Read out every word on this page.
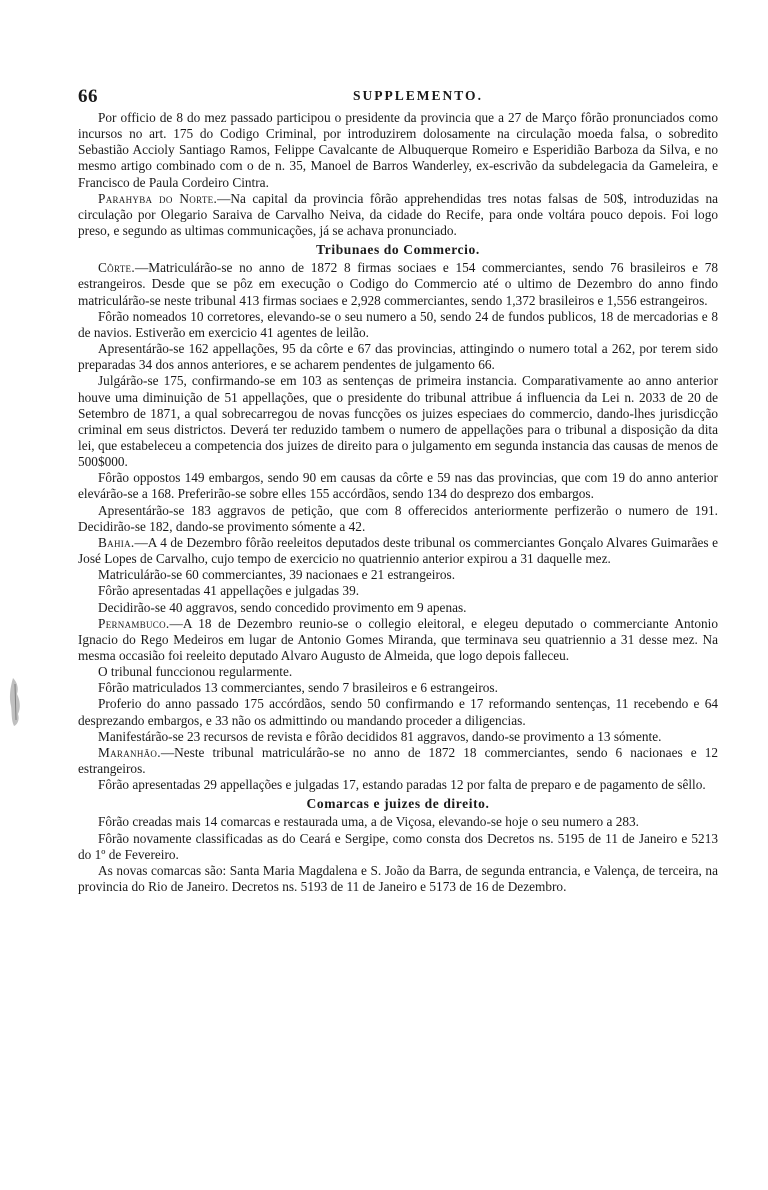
66	SUPPLEMENTO.

Por officio de 8 do mez passado participou o presidente da provincia que a 27 de Março fôrão pronunciados como incursos no art. 175 do Codigo Criminal, por introduzirem dolosamente na circulação moeda falsa, o sobredito Sebastião Accioly Santiago Ramos, Felippe Cavalcante de Albuquerque Romeiro e Esperidião Barboza da Silva, e no mesmo artigo combinado com o de n. 35, Manoel de Barros Wanderley, ex-escrivão da subdelegacia da Gameleira, e Francisco de Paula Cordeiro Cintra.

Parahyba do Norte.—Na capital da provincia fôrão apprehendidas tres notas falsas de 50$, introduzidas na circulação por Olegario Saraiva de Carvalho Neiva, da cidade do Recife, para onde voltára pouco depois. Foi logo preso, e segundo as ultimas communicações, já se achava pronunciado.

Tribunaes do Commercio.

Côrte.—Matriculárão-se no anno de 1872 8 firmas sociaes e 154 commerciantes, sendo 76 brasileiros e 78 estrangeiros. Desde que se pôz em execução o Codigo do Commercio até o ultimo de Dezembro do anno findo matriculárão-se neste tribunal 413 firmas sociaes e 2,928 commerciantes, sendo 1,372 brasileiros e 1,556 estrangeiros.

Fôrão nomeados 10 corretores, elevando-se o seu numero a 50, sendo 24 de fundos publicos, 18 de mercadorias e 8 de navios. Estiverão em exercicio 41 agentes de leilão.

Apresentárão-se 162 appellações, 95 da côrte e 67 das provincias, attingindo o numero total a 262, por terem sido preparadas 34 dos annos anteriores, e se acharem pendentes de julgamento 66.

Julgárão-se 175, confirmando-se em 103 as sentenças de primeira instancia. Comparativamente ao anno anterior houve uma diminuição de 51 appellações, que o presidente do tribunal attribue á influencia da Lei n. 2033 de 20 de Setembro de 1871, a qual sobrecarregou de novas funcções os juizes especiaes do commercio, dando-lhes jurisdicção criminal em seus districtos. Deverá ter reduzido tambem o numero de appellações para o tribunal a disposição da dita lei, que estabeleceu a competencia dos juizes de direito para o julgamento em segunda instancia das causas de menos de 500$000.

Fôrão oppostos 149 embargos, sendo 90 em causas da côrte e 59 nas das provincias, que com 19 do anno anterior elevárão-se a 168. Preferirão-se sobre elles 155 accórdãos, sendo 134 do desprezo dos embargos.

Apresentárão-se 183 aggravos de petição, que com 8 offerecidos anteriormente perfizerão o numero de 191. Decidirão-se 182, dando-se provimento sómente a 42.

Bahia.—A 4 de Dezembro fôrão reeleitos deputados deste tribunal os commerciantes Gonçalo Alvares Guimarães e José Lopes de Carvalho, cujo tempo de exercicio no quatriennio anterior expirou a 31 daquelle mez.

Matriculárão-se 60 commerciantes, 39 nacionaes e 21 estrangeiros.

Fôrão apresentadas 41 appellações e julgadas 39.

Decidirão-se 40 aggravos, sendo concedido provimento em 9 apenas.

Pernambuco.—A 18 de Dezembro reunio-se o collegio eleitoral, e elegeu deputado o commerciante Antonio Ignacio do Rego Medeiros em lugar de Antonio Gomes Miranda, que terminava seu quatriennio a 31 desse mez. Na mesma occasião foi reeleito deputado Alvaro Augusto de Almeida, que logo depois falleceu.

O tribunal funccionou regularmente.

Fôrão matriculados 13 commerciantes, sendo 7 brasileiros e 6 estrangeiros.

Proferio do anno passado 175 accórdãos, sendo 50 confirmando e 17 reformando sentenças, 11 recebendo e 64 desprezando embargos, e 33 não os admittindo ou mandando proceder a diligencias.

Manifestárão-se 23 recursos de revista e fôrão decididos 81 aggravos, dando-se provimento a 13 sómente.

Maranhão.—Neste tribunal matriculárão-se no anno de 1872 18 commerciantes, sendo 6 nacionaes e 12 estrangeiros.

Fôrão apresentadas 29 appellações e julgadas 17, estando paradas 12 por falta de preparo e de pagamento de sêllo.

Comarcas e juizes de direito.

Fôrão creadas mais 14 comarcas e restaurada uma, a de Viçosa, elevando-se hoje o seu numero a 283.

Fôrão novamente classificadas as do Ceará e Sergipe, como consta dos Decretos ns. 5195 de 11 de Janeiro e 5213 do 1º de Fevereiro.

As novas comarcas são: Santa Maria Magdalena e S. João da Barra, de segunda entrancia, e Valença, de terceira, na provincia do Rio de Janeiro. Decretos ns. 5193 de 11 de Janeiro e 5173 de 16 de Dezembro.
